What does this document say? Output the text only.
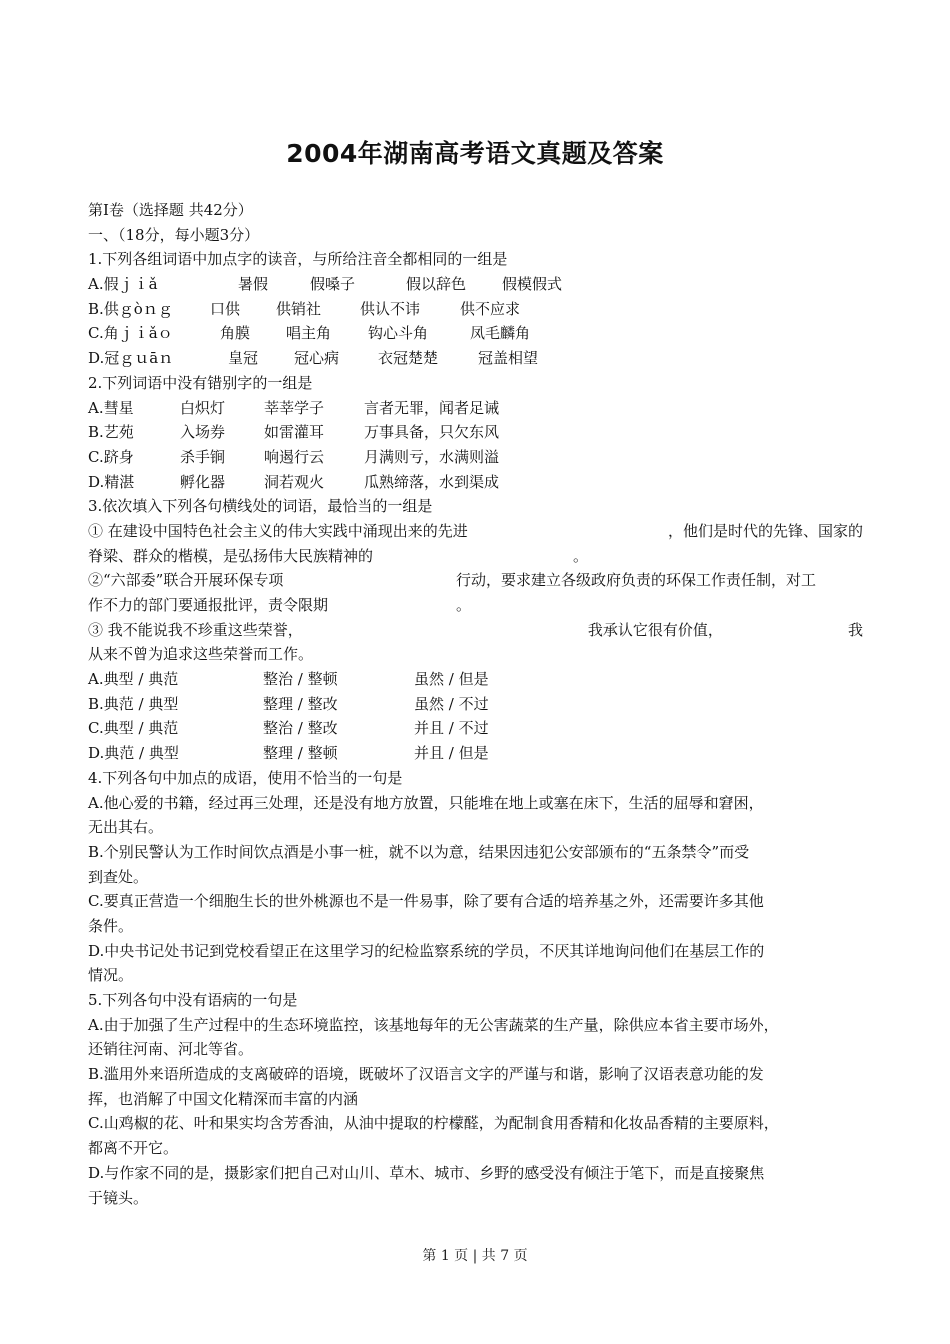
2004年湖南高考语文真题及答案
第Ⅰ卷（选择题 共42分）
一、（18分，每小题3分）
1.下列各组词语中加点字的读音，与所给注音全都相同的一组是
A.假ｊｉǎ	暑假	假嗓子	假以辞色 假模假式
B.供ｇòｎｇ 口供 供销社	供认不讳	供不应求
C.角ｊｉǎｏ	角膜 唱主角 钩心斗角	凤毛麟角
D.冠ｇｕāｎ	皇冠 冠心病	衣冠楚楚	冠盖相望
2.下列词语中没有错别字的一组是
A.彗星	白炽灯	莘莘学子	言者无罪，闻者足诫
B.艺苑	入场券	如雷灌耳	万事具备，只欠东风
C.跻身	杀手锏	响遏行云	月满则亏，水满则溢
D.精湛	孵化器	洞若观火	瓜熟缔落，水到渠成
3.依次填入下列各句横线处的词语，最恰当的一组是
① 在建设中国特色社会主义的伟大实践中涌现出来的先进	，他们是时代的先锋、国家的
脊梁、群众的楷模，是弘扬伟大民族精神的	。
②“六部委”联合开展环保专项	行动，要求建立各级政府负责的环保工作责任制，对工
作不力的部门要通报批评，责令限期	。
③ 我不能说我不珍重这些荣誉，	我承认它很有价值，	我
从来不曾为追求这些荣誉而工作。
A.典型 / 典范	整治 / 整顿	虽然 / 但是
B.典范 / 典型	整理 / 整改	虽然 / 不过
C.典型 / 典范	整治 / 整改	并且 / 不过
D.典范 / 典型	整理 / 整顿	并且 / 但是
4.下列各句中加点的成语，使用不恰当的一句是
A.他心爱的书籍，经过再三处理，还是没有地方放置，只能堆在地上或塞在床下，生活的屈辱和窘困，
无出其右。
B.个别民警认为工作时间饮点酒是小事一桩，就不以为意，结果因违犯公安部颁布的“五条禁令”而受
到查处。
C.要真正营造一个细胞生长的世外桃源也不是一件易事，除了要有合适的培养基之外，还需要许多其他
条件。
D.中央书记处书记到党校看望正在这里学习的纪检监察系统的学员，不厌其详地询问他们在基层工作的
情况。
5.下列各句中没有语病的一句是
A.由于加强了生产过程中的生态环境监控，该基地每年的无公害蔬菜的生产量，除供应本省主要市场外，
还销往河南、河北等省。
B.滥用外来语所造成的支离破碎的语境，既破坏了汉语言文字的严谨与和谐，影响了汉语表意功能的发
挥，也消解了中国文化精深而丰富的内涵
C.山鸡椒的花、叶和果实均含芳香油，从油中提取的柠檬醛，为配制食用香精和化妆品香精的主要原料，
都离不开它。
D.与作家不同的是，摄影家们把自己对山川、草木、城市、乡野的感受没有倾注于笔下，而是直接聚焦
于镜头。
第 1 页 | 共 7 页
